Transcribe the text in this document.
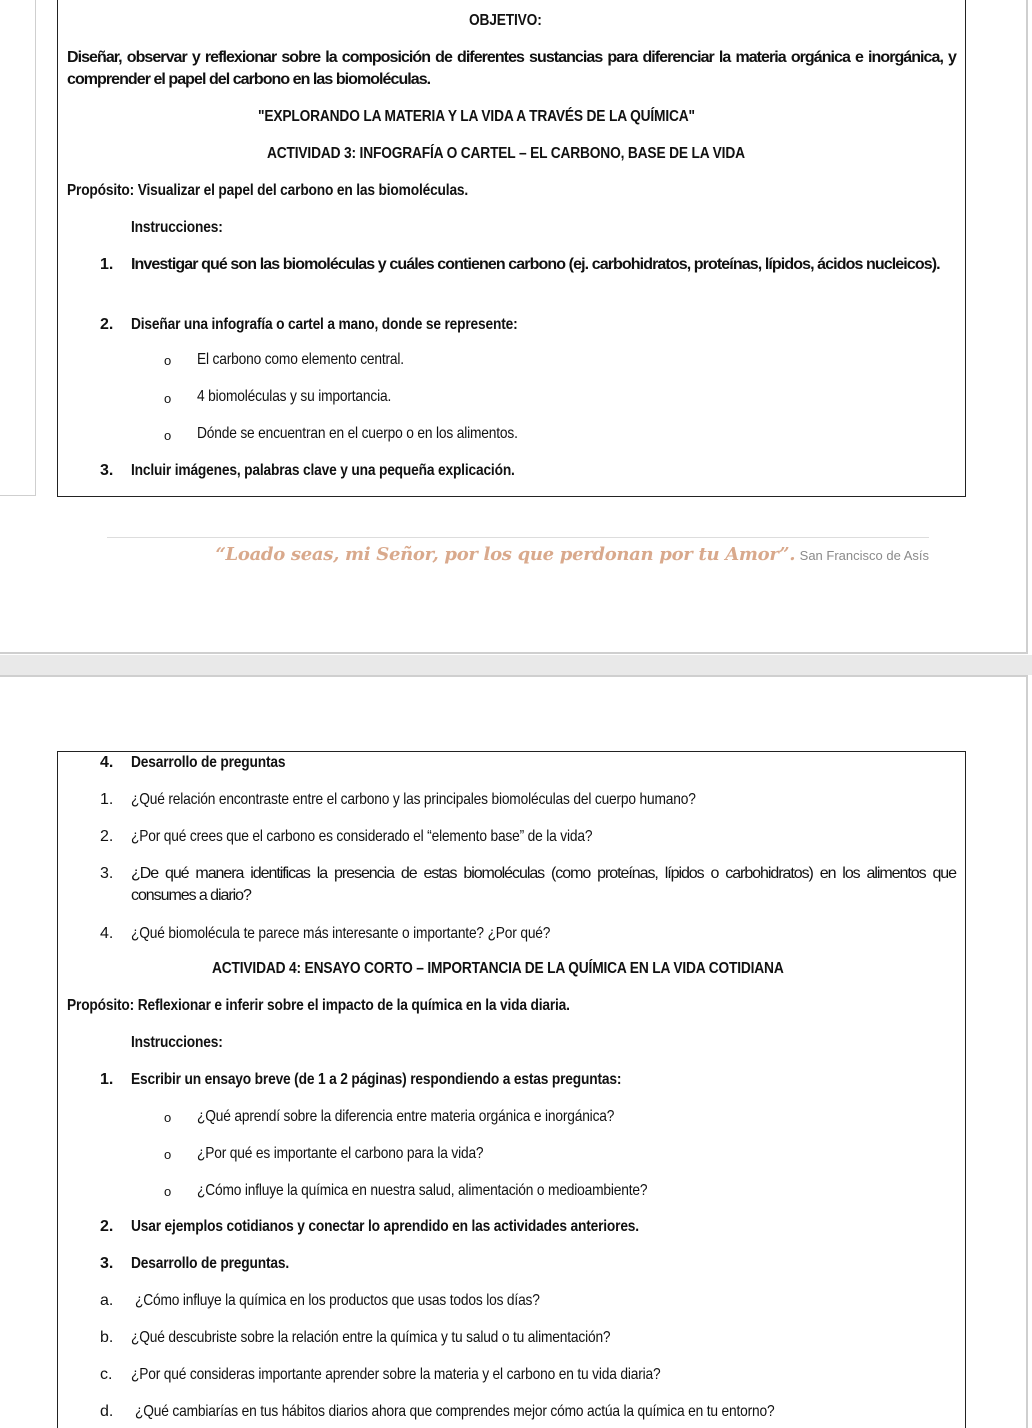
OBJETIVO:
Diseñar, observar y reflexionar sobre la composición de diferentes sustancias para diferenciar la materia orgánica e inorgánica, y comprender el papel del carbono en las biomoléculas.
"EXPLORANDO LA MATERIA Y LA VIDA A TRAVÉS DE LA QUÍMICA"
ACTIVIDAD 3: INFOGRAFÍA O CARTEL – EL CARBONO, BASE DE LA VIDA
Propósito: Visualizar el papel del carbono en las biomoléculas.
Instrucciones:
1. Investigar qué son las biomoléculas y cuáles contienen carbono (ej. carbohidratos, proteínas, lípidos, ácidos nucleicos).
2. Diseñar una infografía o cartel a mano, donde se represente:
o El carbono como elemento central.
o 4 biomoléculas y su importancia.
o Dónde se encuentran en el cuerpo o en los alimentos.
3. Incluir imágenes, palabras clave y una pequeña explicación.
“Loado seas, mi Señor, por los que perdonan por tu Amor”. San Francisco de Asís
4. Desarrollo de preguntas
1. ¿Qué relación encontraste entre el carbono y las principales biomoléculas del cuerpo humano?
2. ¿Por qué crees que el carbono es considerado el “elemento base” de la vida?
3. ¿De qué manera identificas la presencia de estas biomoléculas (como proteínas, lípidos o carbohidratos) en los alimentos que consumes a diario?
4. ¿Qué biomolécula te parece más interesante o importante? ¿Por qué?
ACTIVIDAD 4: ENSAYO CORTO – IMPORTANCIA DE LA QUÍMICA EN LA VIDA COTIDIANA
Propósito: Reflexionar e inferir sobre el impacto de la química en la vida diaria.
Instrucciones:
1. Escribir un ensayo breve (de 1 a 2 páginas) respondiendo a estas preguntas:
o ¿Qué aprendí sobre la diferencia entre materia orgánica e inorgánica?
o ¿Por qué es importante el carbono para la vida?
o ¿Cómo influye la química en nuestra salud, alimentación o medioambiente?
2. Usar ejemplos cotidianos y conectar lo aprendido en las actividades anteriores.
3. Desarrollo de preguntas.
a. ¿Cómo influye la química en los productos que usas todos los días?
b. ¿Qué descubriste sobre la relación entre la química y tu salud o tu alimentación?
c. ¿Por qué consideras importante aprender sobre la materia y el carbono en tu vida diaria?
d. ¿Qué cambiarías en tus hábitos diarios ahora que comprendes mejor cómo actúa la química en tu entorno?
